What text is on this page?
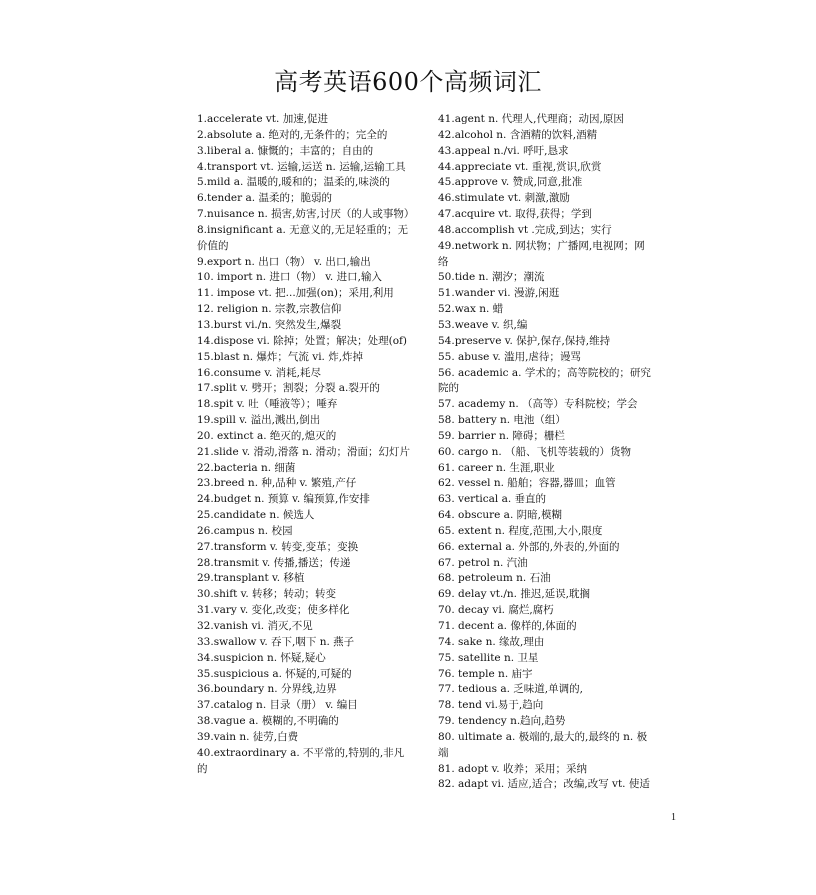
高考英语600个高频词汇
1.accelerate vt. 加速,促进
2.absolute a. 绝对的,无条件的；完全的
3.liberal a. 慷慨的；丰富的；自由的
4.transport vt. 运输,运送 n. 运输,运输工具
5.mild a. 温暖的,暖和的；温柔的,味淡的
6.tender a. 温柔的；脆弱的
7.nuisance n. 损害,妨害,讨厌（的人或事物）
8.insignificant a. 无意义的,无足轻重的；无价值的
9.export n. 出口（物） v. 出口,输出
10. import n. 进口（物） v. 进口,输入
11. impose vt. 把...加强(on)；采用,利用
12. religion n. 宗教,宗教信仰
13.burst vi./n. 突然发生,爆裂
14.dispose vi. 除掉；处置；解决；处理(of)
15.blast n. 爆炸；气流 vi. 炸,炸掉
16.consume v. 消耗,耗尽
17.split v. 劈开；割裂；分裂 a.裂开的
18.spit v. 吐（唾液等）；唾弃
19.spill v. 溢出,溅出,倒出
20. extinct a. 绝灭的,熄灭的
21.slide v. 滑动,滑落 n. 滑动；滑面；幻灯片
22.bacteria n. 细菌
23.breed n. 种,品种 v. 繁殖,产仔
24.budget n. 预算 v. 编预算,作安排
25.candidate n. 候选人
26.campus n. 校园
27.transform v. 转变,变革；变换
28.transmit v. 传播,播送；传递
29.transplant v. 移植
30.shift v. 转移；转动；转变
31.vary v. 变化,改变；使多样化
32.vanish vi. 消灭,不见
33.swallow v. 吞下,咽下 n. 燕子
34.suspicion n. 怀疑,疑心
35.suspicious a. 怀疑的,可疑的
36.boundary n. 分界线,边界
37.catalog n. 目录（册） v. 编目
38.vague a. 模糊的,不明确的
39.vain n. 徒劳,白费
40.extraordinary a. 不平常的,特别的,非凡的
41.agent n. 代理人,代理商；动因,原因
42.alcohol n. 含酒精的饮料,酒精
43.appeal n./vi. 呼吁,恳求
44.appreciate vt. 重视,赏识,欣赏
45.approve v. 赞成,同意,批准
46.stimulate vt. 刺激,激励
47.acquire vt. 取得,获得；学到
48.accomplish vt .完成,到达；实行
49.network n. 网状物；广播网,电视网；网络
50.tide n. 潮汐；潮流
51.wander vi. 漫游,闲逛
52.wax n. 蜡
53.weave v. 织,编
54.preserve v. 保护,保存,保持,维持
55. abuse v. 滥用,虐待；谩骂
56. academic a. 学术的；高等院校的；研究院的
57. academy n. （高等）专科院校；学会
58. battery n. 电池（组）
59. barrier n. 障碍；栅栏
60. cargo n. （船、飞机等装载的）货物
61. career n. 生涯,职业
62. vessel n. 船舶；容器,器皿；血管
63. vertical a. 垂直的
64. obscure a. 阴暗,模糊
65. extent n. 程度,范围,大小,限度
66. external a. 外部的,外表的,外面的
67. petrol n. 汽油
68. petroleum n. 石油
69. delay vt./n. 推迟,延误,耽搁
70. decay vi. 腐烂,腐朽
71. decent a. 像样的,体面的
74. sake n. 缘故,理由
75. satellite n. 卫星
76. temple n. 庙宇
77. tedious a. 乏味道,单调的,
78. tend vi.易于,趋向
79. tendency n.趋向,趋势
80. ultimate a. 极端的,最大的,最终的 n. 极端
81. adopt v. 收养；采用；采纳
82. adapt vi. 适应,适合；改编,改写 vt. 使适
1
